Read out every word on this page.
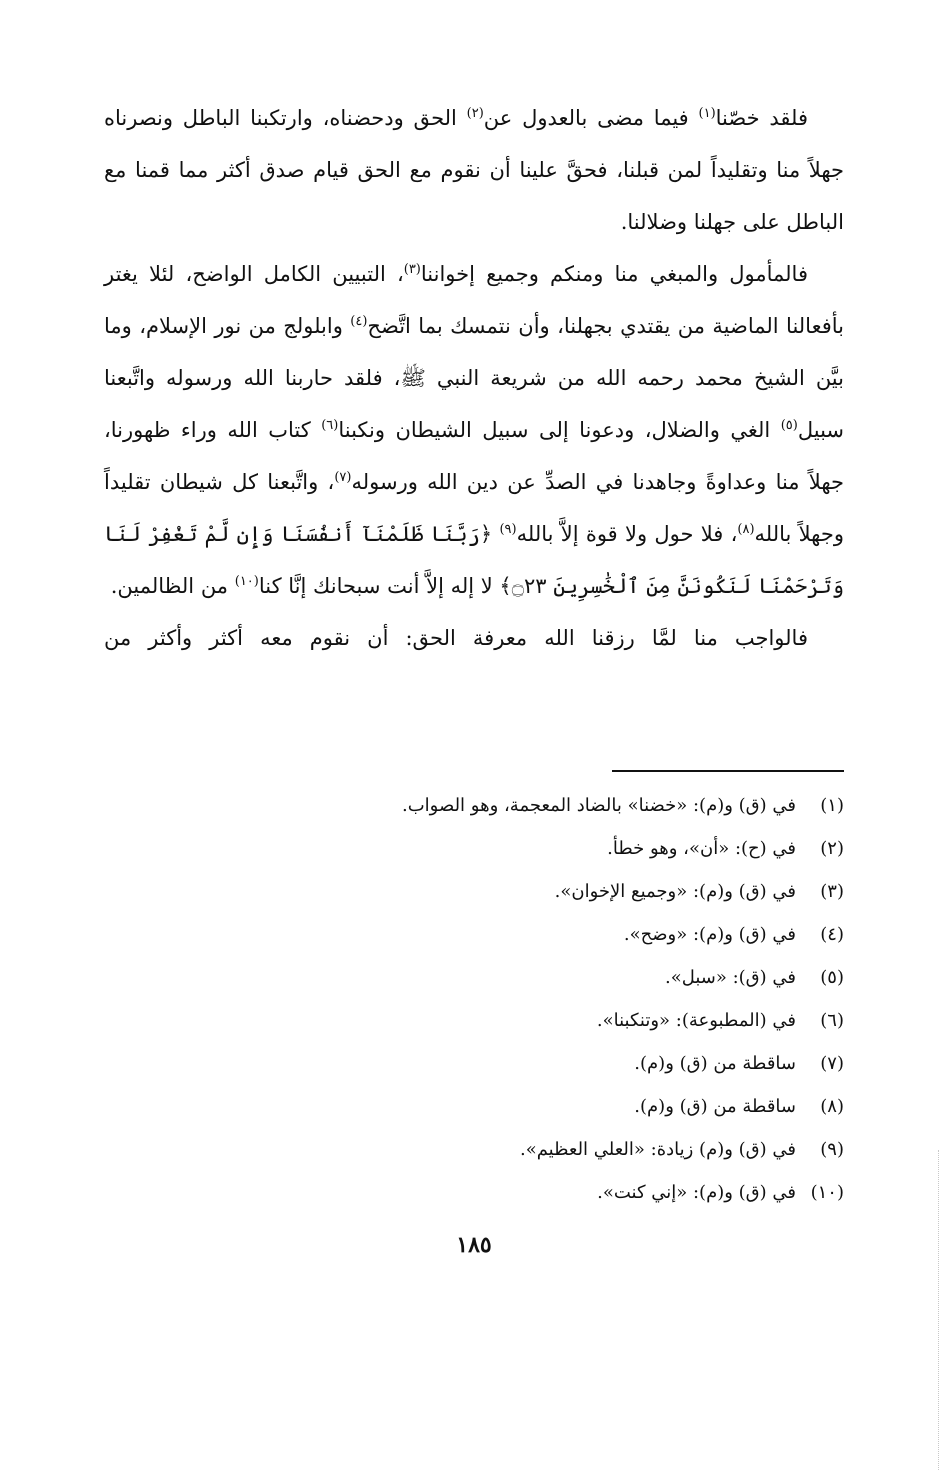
فلقد خصّنا$^{(١)}$ فيما مضى بالعدول عن$^{(٢)}$ الحق ودحضناه، وارتكبنا الباطل ونصرناه جهلاً منا وتقليداً لمن قبلنا، فحقَّ علينا أن نقوم مع الحق قيام صدق أكثر مما قمنا مع الباطل على جهلنا وضلالنا.

فالمأمول والمبغي منا ومنكم وجميع إخواننا$^{(٣)}$، التبيين الكامل الواضح، لئلا يغتر بأفعالنا الماضية من يقتدي بجهلنا، وأن نتمسك بما اتَّضح$^{(٤)}$ وابلولج من نور الإسلام، وما بيَّن الشيخ محمد رحمه الله من شريعة النبي ﷺ، فلقد حاربنا الله ورسوله واتَّبعنا سبيل$^{(٥)}$ الغي والضلال، ودعونا إلى سبيل الشيطان ونكبنا$^{(٦)}$ كتاب الله وراء ظهورنا، جهلاً منا وعداوةً وجاهدنا في الصدِّ عن دين الله ورسوله$^{(٧)}$، واتَّبعنا كل شيطان تقليداً وجهلاً بالله$^{(٨)}$، فلا حول ولا قوة إلاَّ بالله$^{(٩)}$ ﴿رَبَّنَا ظَلَمْنَآ أَنفُسَنَا وَإِن لَّمْ تَغْفِرْ لَنَا وَتَرْحَمْنَا لَنَكُونَنَّ مِنَ ٱلْخَٰسِرِينَ ۝٢٣﴾ لا إله إلاَّ أنت سبحانك إنَّا كنا$^{(١٠)}$ من الظالمين.

فالواجب منا لمَّا رزقنا الله معرفة الحق: أن نقوم معه أكثر وأكثر من

(١)
في (ق) و(م): «خضنا» بالضاد المعجمة، وهو الصواب.
(٢)
في (ح): «أن»، وهو خطأ.
(٣)
في (ق) و(م): «وجميع الإخوان».
(٤)
في (ق) و(م): «وضح».
(٥)
في (ق): «سبل».
(٦)
في (المطبوعة): «وتنكبنا».
(٧)
ساقطة من (ق) و(م).
(٨)
ساقطة من (ق) و(م).
(٩)
في (ق) و(م) زيادة: «العلي العظيم».
(١٠)
في (ق) و(م): «إني كنت».
١٨٥
